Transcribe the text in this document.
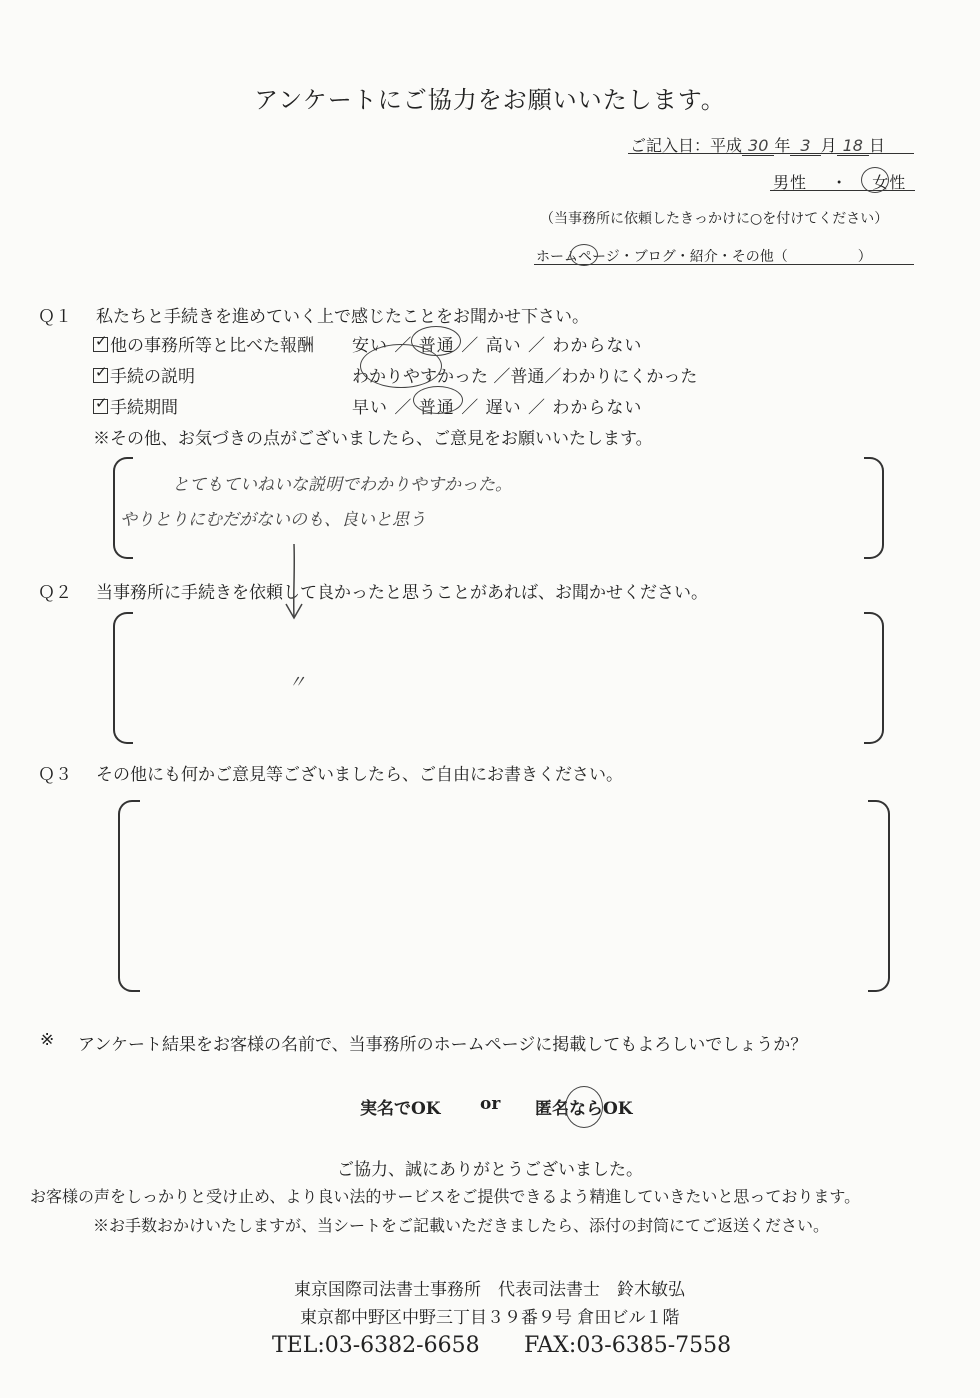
アンケートにご協力をお願いいたします。
ご記入日：平成 30 年 3 月 18 日
男性 ・ 女性
（当事務所に依頼したきっかけに○を付けてください）
ホームページ・ブログ・紹介・その他（　　　　　）
Ｑ１ 私たちと手続きを進めていく上で感じたことをお聞かせ下さい。
✓他の事務所等と比べた報酬 安い ／ 普通 ／ 高い ／ わからない
✓手続の説明	わかりやすかった ／普通／わかりにくかった
✓手続期間	早い ／ 普通 ／ 遅い ／ わからない
※その他、お気づきの点がございましたら、ご意見をお願いいたします。
とてもていねいな説明でわかりやすかった。
やりとりにむだがないのも、良いと思う
Ｑ２ 当事務所に手続きを依頼して良かったと思うことがあれば、お聞かせください。
〃
Ｑ３ その他にも何かご意見等ございましたら、ご自由にお書きください。
※ アンケート結果をお客様の名前で、当事務所のホームページに掲載してもよろしいでしょうか？
実名でOK or 匿名ならOK
ご協力、誠にありがとうございました。
お客様の声をしっかりと受け止め、より良い法的サービスをご提供できるよう精進していきたいと思っております。
※お手数おかけいたしますが、当シートをご記載いただきましたら、添付の封筒にてご返送ください。
東京国際司法書士事務所　代表司法書士　鈴木敏弘
東京都中野区中野三丁目３９番９号 倉田ビル１階
TEL:03-6382-6658 FAX:03-6385-7558
